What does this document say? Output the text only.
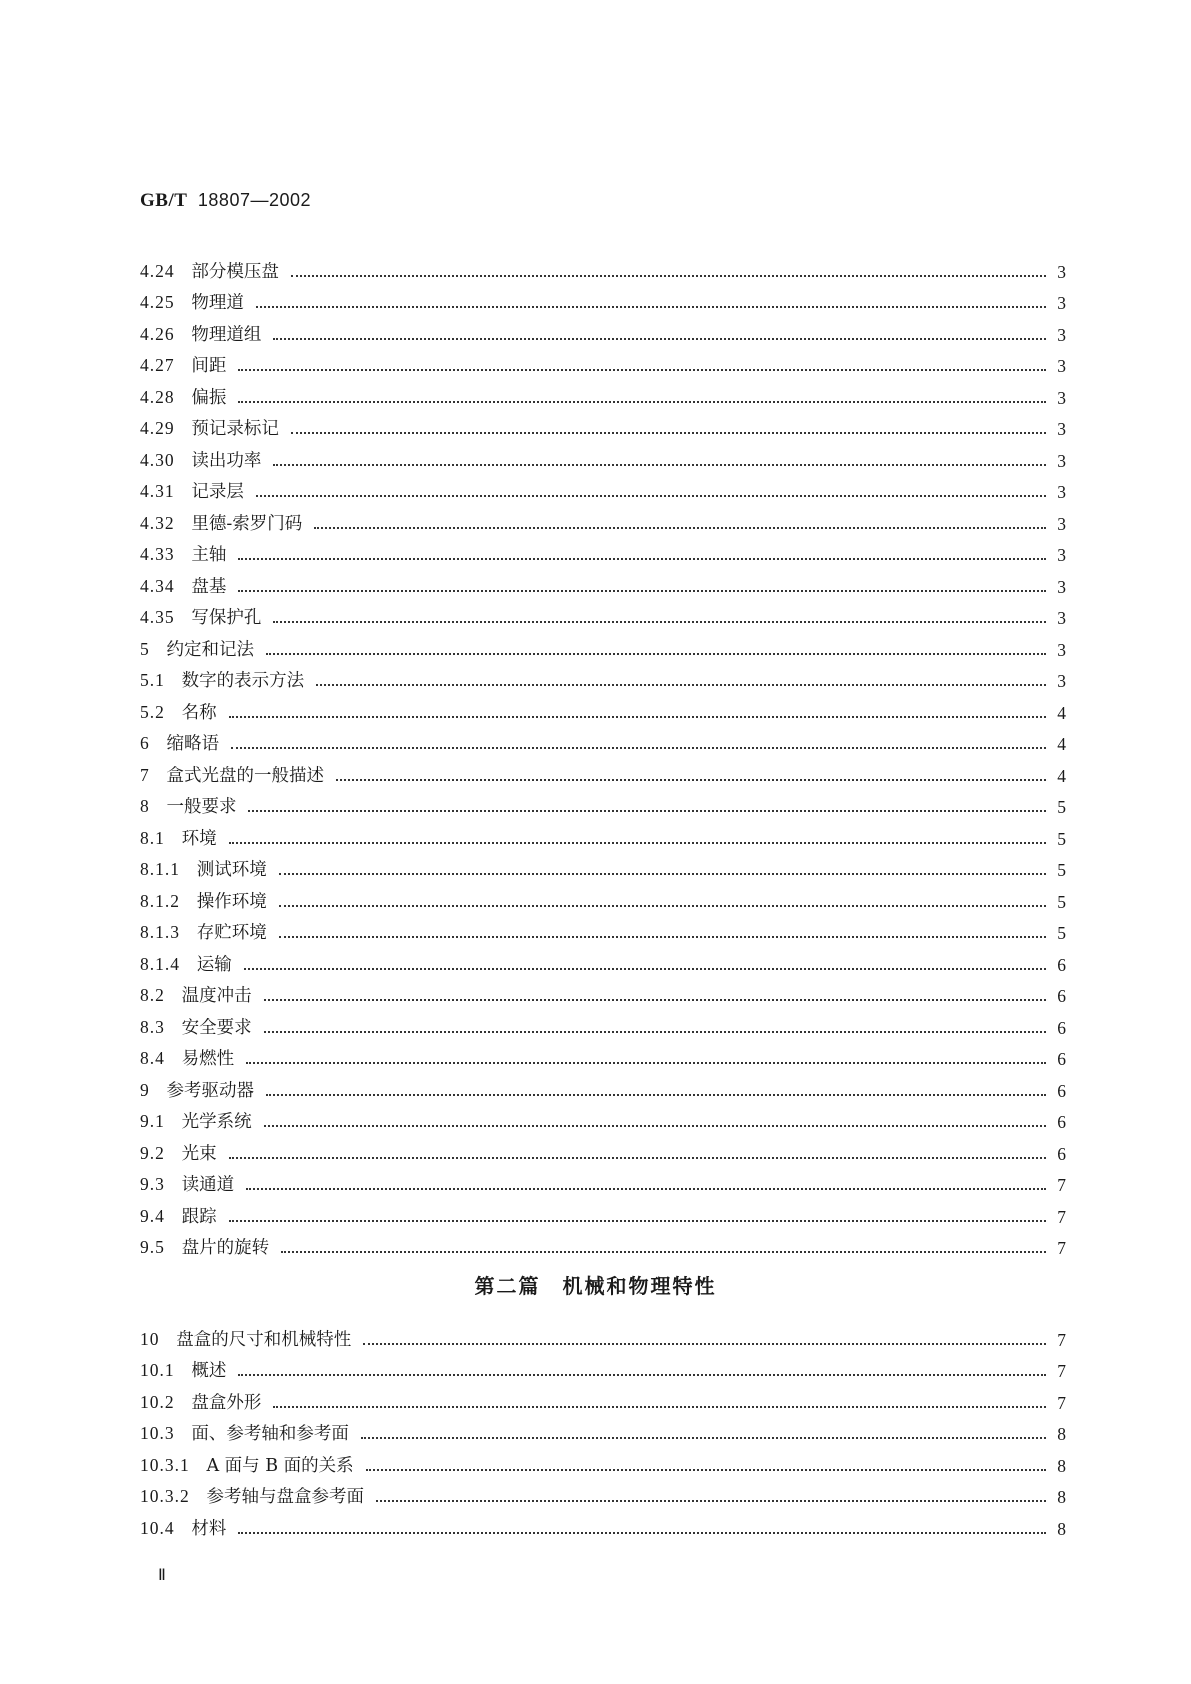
GB/T 18807—2002
4.24 部分模压盘	3
4.25 物理道	3
4.26 物理道组	3
4.27 间距	3
4.28 偏振	3
4.29 预记录标记	3
4.30 读出功率	3
4.31 记录层	3
4.32 里德-索罗门码	3
4.33 主轴	3
4.34 盘基	3
4.35 写保护孔	3
5 约定和记法	3
5.1 数字的表示方法	3
5.2 名称	4
6 缩略语	4
7 盒式光盘的一般描述	4
8 一般要求	5
8.1 环境	5
8.1.1 测试环境	5
8.1.2 操作环境	5
8.1.3 存贮环境	5
8.1.4 运输	6
8.2 温度冲击	6
8.3 安全要求	6
8.4 易燃性	6
9 参考驱动器	6
9.1 光学系统	6
9.2 光束	6
9.3 读通道	7
9.4 跟踪	7
9.5 盘片的旋转	7
第二篇　机械和物理特性
10 盘盒的尺寸和机械特性	7
10.1 概述	7
10.2 盘盒外形	7
10.3 面、参考轴和参考面	8
10.3.1 A 面与 B 面的关系	8
10.3.2 参考轴与盘盒参考面	8
10.4 材料	8
Ⅱ
